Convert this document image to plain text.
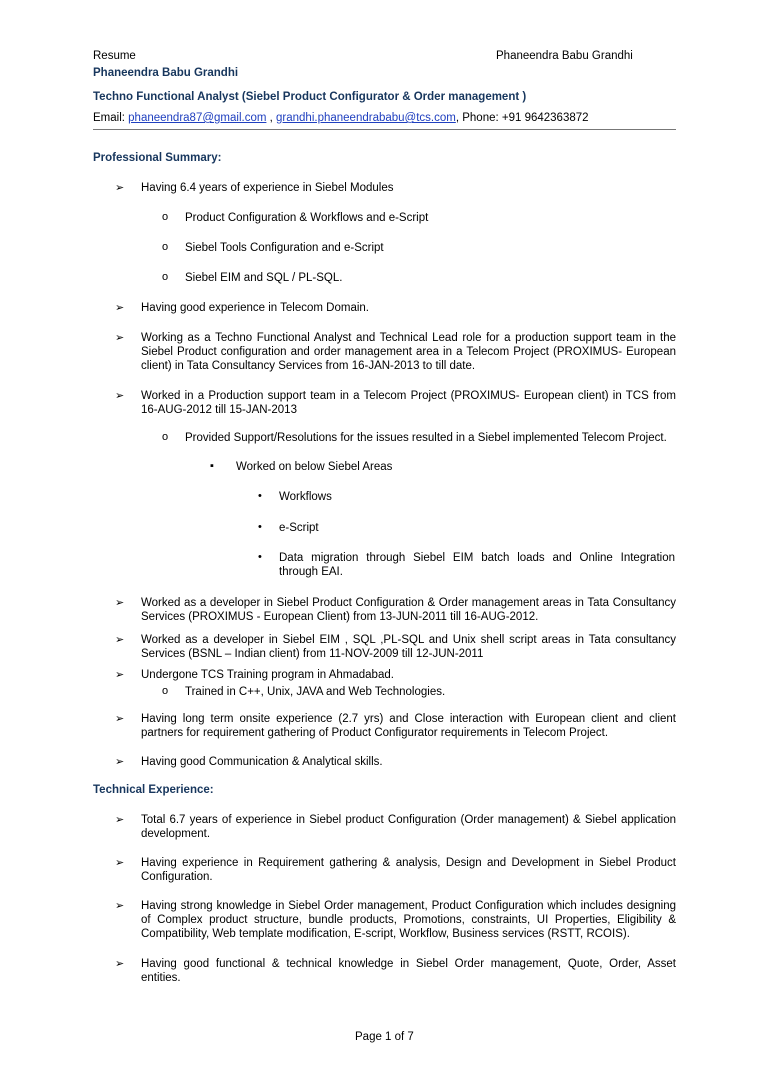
Resume	Phaneendra Babu Grandhi
Phaneendra Babu Grandhi
Techno Functional Analyst (Siebel Product Configurator & Order management )
Email: phaneendra87@gmail.com , grandhi.phaneendrababu@tcs.com, Phone: +91 9642363872
Professional Summary:
➢ Having 6.4 years of experience in Siebel Modules
o Product Configuration & Workflows and e-Script
o Siebel Tools Configuration and e-Script
o Siebel EIM and SQL / PL-SQL.
➢ Having good experience in Telecom Domain.
➢ Working as a Techno Functional Analyst and Technical Lead role for a production support team in the Siebel Product configuration and order management area in a Telecom Project (PROXIMUS- European client) in Tata Consultancy Services from 16-JAN-2013 to till date.
➢ Worked in a Production support team in a Telecom Project (PROXIMUS- European client) in TCS from 16-AUG-2012 till 15-JAN-2013
o Provided Support/Resolutions for the issues resulted in a Siebel implemented Telecom Project.
▪ Worked on below Siebel Areas
• Workflows
• e-Script
• Data migration through Siebel EIM batch loads and Online Integration through EAI.
➢ Worked as a developer in Siebel Product Configuration & Order management areas in Tata Consultancy Services (PROXIMUS - European Client) from 13-JUN-2011 till 16-AUG-2012.
➢ Worked as a developer in Siebel EIM , SQL ,PL-SQL and Unix shell script areas in Tata consultancy Services (BSNL – Indian client) from 11-NOV-2009 till 12-JUN-2011
➢ Undergone TCS Training program in Ahmadabad.
o Trained in C++, Unix, JAVA and Web Technologies.
➢ Having long term onsite experience (2.7 yrs) and Close interaction with European client and client partners for requirement gathering of Product Configurator requirements in Telecom Project.
➢ Having good Communication & Analytical skills.
Technical Experience:
➢ Total 6.7 years of experience in Siebel product Configuration (Order management) & Siebel application development.
➢ Having experience in Requirement gathering & analysis, Design and Development in Siebel Product Configuration.
➢ Having strong knowledge in Siebel Order management, Product Configuration which includes designing of Complex product structure, bundle products, Promotions, constraints, UI Properties, Eligibility & Compatibility, Web template modification, E-script, Workflow, Business services (RSTT, RCOIS).
➢ Having good functional & technical knowledge in Siebel Order management, Quote, Order, Asset entities.
Page 1 of 7
